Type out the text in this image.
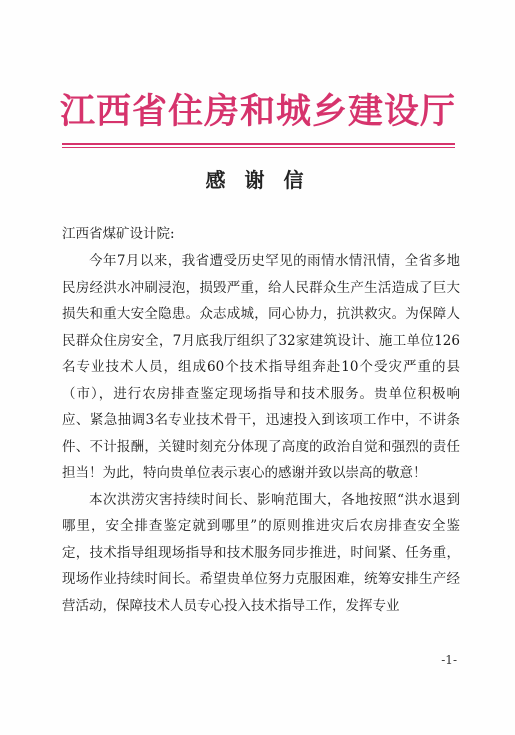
江西省住房和城乡建设厅
感 谢 信
江西省煤矿设计院:

今年7月以来，我省遭受历史罕见的雨情水情汛情，全省多地民房经洪水冲刷浸泡，损毁严重，给人民群众生产生活造成了巨大损失和重大安全隐患。众志成城，同心协力，抗洪救灾。为保障人民群众住房安全，7月底我厅组织了32家建筑设计、施工单位126名专业技术人员，组成60个技术指导组奔赴10个受灾严重的县（市），进行农房排查鉴定现场指导和技术服务。贵单位积极响应、紧急抽调3名专业技术骨干，迅速投入到该项工作中，不讲条件、不计报酬，关键时刻充分体现了高度的政治自觉和强烈的责任担当！为此，特向贵单位表示衷心的感谢并致以崇高的敬意！

本次洪涝灾害持续时间长、影响范围大，各地按照“洪水退到哪里，安全排查鉴定就到哪里”的原则推进灾后农房排查安全鉴定，技术指导组现场指导和技术服务同步推进，时间紧、任务重，现场作业持续时间长。希望贵单位努力克服困难，统筹安排生产经营活动，保障技术人员专心投入技术指导工作，发挥专业

-1-
